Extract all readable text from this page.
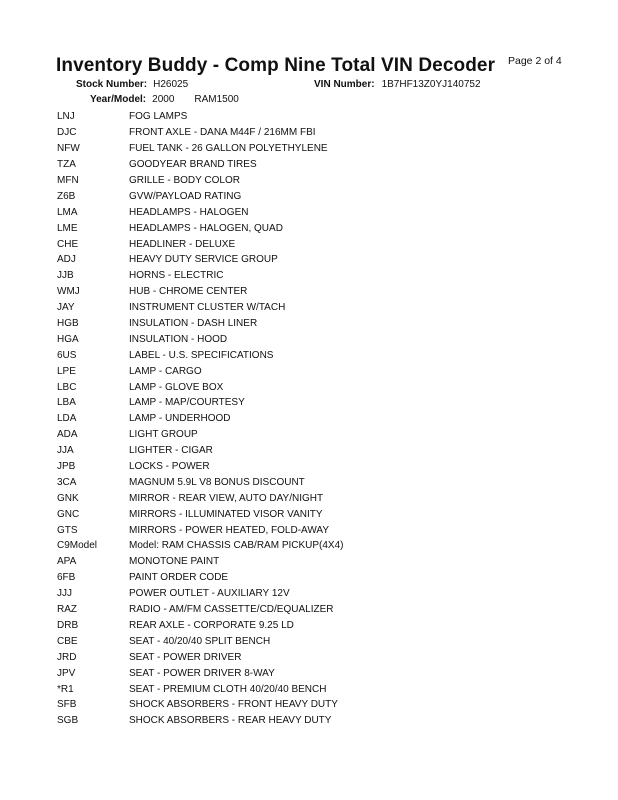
Inventory Buddy - Comp Nine Total VIN Decoder Page 2 of 4
Stock Number: H26025	VIN Number: 1B7HF13Z0YJ140752
Year/Model: 2000 RAM1500
LNJ	FOG LAMPS
DJC	FRONT AXLE - DANA M44F / 216MM FBI
NFW	FUEL TANK - 26 GALLON POLYETHYLENE
TZA	GOODYEAR BRAND TIRES
MFN	GRILLE - BODY COLOR
Z6B	GVW/PAYLOAD RATING
LMA	HEADLAMPS - HALOGEN
LME	HEADLAMPS - HALOGEN, QUAD
CHE	HEADLINER - DELUXE
ADJ	HEAVY DUTY SERVICE GROUP
JJB	HORNS - ELECTRIC
WMJ	HUB - CHROME CENTER
JAY	INSTRUMENT CLUSTER W/TACH
HGB	INSULATION - DASH LINER
HGA	INSULATION - HOOD
6US	LABEL - U.S. SPECIFICATIONS
LPE	LAMP - CARGO
LBC	LAMP - GLOVE BOX
LBA	LAMP - MAP/COURTESY
LDA	LAMP - UNDERHOOD
ADA	LIGHT GROUP
JJA	LIGHTER - CIGAR
JPB	LOCKS - POWER
3CA	MAGNUM 5.9L V8 BONUS DISCOUNT
GNK	MIRROR - REAR VIEW, AUTO DAY/NIGHT
GNC	MIRRORS - ILLUMINATED VISOR VANITY
GTS	MIRRORS - POWER HEATED, FOLD-AWAY
C9Model	Model: RAM CHASSIS CAB/RAM PICKUP(4X4)
APA	MONOTONE PAINT
6FB	PAINT ORDER CODE
JJJ	POWER OUTLET - AUXILIARY 12V
RAZ	RADIO - AM/FM CASSETTE/CD/EQUALIZER
DRB	REAR AXLE - CORPORATE 9.25 LD
CBE	SEAT - 40/20/40 SPLIT BENCH
JRD	SEAT - POWER DRIVER
JPV	SEAT - POWER DRIVER 8-WAY
*R1	SEAT - PREMIUM CLOTH 40/20/40 BENCH
SFB	SHOCK ABSORBERS - FRONT HEAVY DUTY
SGB	SHOCK ABSORBERS - REAR HEAVY DUTY
